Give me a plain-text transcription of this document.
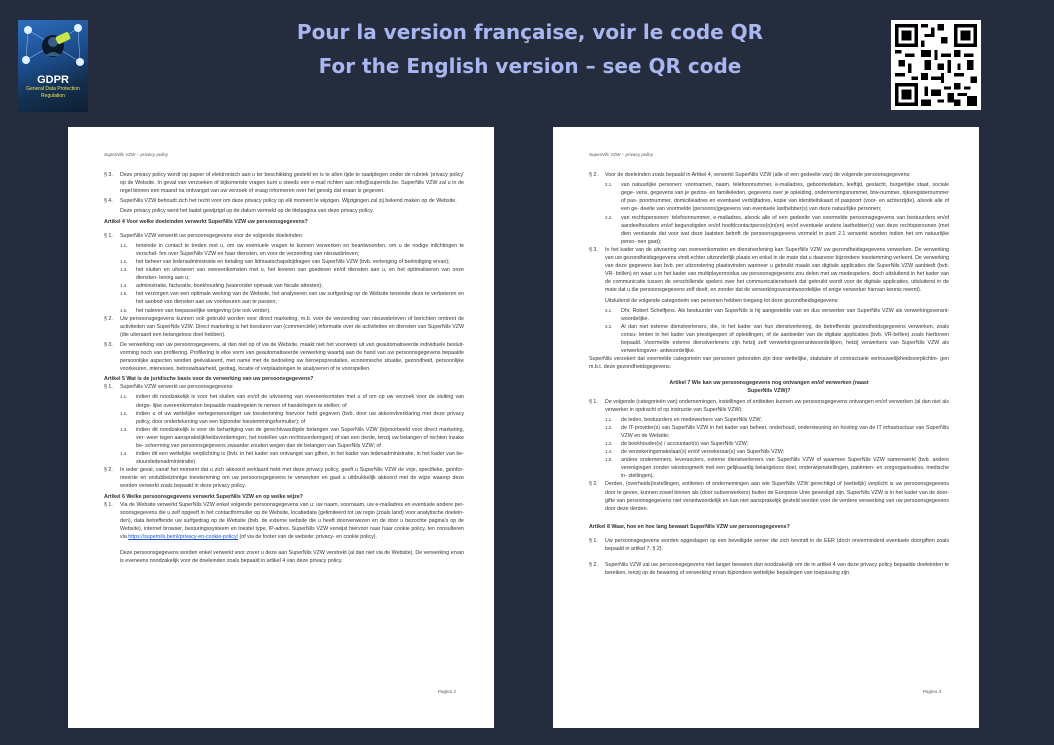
GDPR
General Data Protection
Regulation
Pour la version française, voir le code QR
For the English version – see QR code
SuperNils VZW – privacy policy
§ 3.	Deze privacy policy wordt op papier of elektronisch aan u ter beschikking gesteld en is te allen tijde te raadplegen onder de rubriek 'privacy policy' op de Website. In geval van verzoeken of bijkomende vragen kunt u steeds een e-mail richten aan info@supernils.be. SuperNils VZW zal u in de regel binnen een maand na ontvangst van uw verzoek of vraag informeren over het gevolg dat eraan is gegeven.
§ 4.	SuperNils VZW behoudt zich het recht voor om deze privacy policy op elk moment te wijzigen. Wijzigingen zal zij bekend maken op de Website.
Deze privacy policy werd het laatst gewijzigd op de datum vermeld op de titelpagina van deze privacy policy.
Artikel 4 Voor welke doeleinden verwerkt SuperNils VZW uw persoonsgegevens?
§ 1.	SuperNils VZW verwerkt uw persoonsgegevens voor de volgende doeleinden:
1.1.	teneinde in contact te treden met u, om uw eventuele vragen te kunnen verwerken en beantwoorden, om u de nodige inlichtingen te verschaf- fen over SuperNils VZW en haar diensten, en voor de verzending van nieuwsbrieven;
1.2.	het beheer van ledenadministratie en betaling van lidmaatschapsbijdragen van SuperNils VZW (bvb. verlenging of beëindiging ervan);
1.3.	het sluiten en uitvoeren van overeenkomsten met u, het leveren van goederen en/of diensten aan u, en het optimaliseren van onze diensten- lening aan u;
1.4.	administratie, facturatie, boekhouding (waaronder opmaak van fiscale attesten);
1.5.	het verzorgen van een optimale werking van de Website, het analyseren van uw surfgedrag op de Website teneinde deze te verbeteren en het aanbod van diensten aan uw voorkeuren aan te passen;
1.6.	het naleven van toepasselijke wetgeving (zie ook verder).
§ 2.	Uw persoonsgegevens kunnen ook gebruikt worden voor direct marketing, m.b. voor de verzending van nieuwsbrieven of berichten omtrent de activiteiten van SuperNils VZW. Direct marketing is het toesturen van (commerciële) informatie over de activiteiten en diensten van SuperNils VZW (die uiteraard een belangeloos doel hebben).
§ 3.	De verwerking van uw persoonsgegevens, al dan niet op of via de Website, maakt niet het voorwerp uit van geautomatiseerde individuele besluit- vorming noch van profilering. Profilering is elke vorm van geautomatiseerde verwerking waarbij aan de hand van uw persoonsgegevens bepaalde persoonlijke aspecten worden geëvalueerd, met name met de bedoeling uw beroepsprestaties, economische situatie, gezondheid, persoonlijke voorkeuren, interesses, betrouwbaarheid, gedrag, locatie of verplaatsingen te analyseren of te voorspellen.
Artikel 5 Wat is de juridische basis voor de verwerking van uw persoonsgegevens?
§ 1.	SuperNils VZW verwerkt uw persoonsgegevens:
1.1.	indien dit noodzakelijk is voor het sluiten van en/of de uitvoering van overeenkomsten met u of om op uw verzoek voor de sluiting van derge- lijke overeenkomsten bepaalde maatregelen te nemen of handelingen te stellen; of
1.2.	indien u of uw wettelijke vertegenwoordiger uw toestemming hiervoor hebt gegeven (bvb. door uw akkoordverklaring met deze privacy policy, door ondertekening van een bijzonder toestemmingsformulier); of
1.3.	indien dit noodzakelijk is voor de behartiging van de gerechtvaardigde belangen van SuperNils VZW (bijvoorbeeld voor direct marketing, ver- weer tegen aansprakelijkheidsvorderingen, het instellen van rechtsvorderingen) of van een derde, tenzij uw belangen of rechten inzake be- scherming van persoonsgegevens zwaarder zouden wegen dan de belangen van SuperNils VZW; of
1.4.	indien dit een wettelijke verplichting is (bvb. in het kader van ontvangst van giften, in het kader van ledenadministratie, in het kader van be- stuursledenadministratie).
§ 2.	In ieder geval, vanaf het moment dat u zich akkoord verklaard hebt met deze privacy policy, geeft u SuperNils VZW de vrije, specifieke, geïnfor- meerde en ondubbelzinnige toestemming om uw persoonsgegevens te verwerken en gaat u uitdrukkelijk akkoord met de wijze waarop deze worden verwerkt zoals bepaald in deze privacy policy.
Artikel 6 Welke persoonsgegevens verwerkt SuperNils VZW en op welke wijze?
§ 1.	Via de Website verwerkt SuperNils VZW enkel volgende persoonsgegevens van u: uw naam, voornaam, uw e-mailadres en eventuele andere per- soonsgegevens die u zelf opgeeft in het contactformulier op de Website, locatiedata (gelimiteerd tot uw regio (zoals land) voor analytische doelein- den), data betreffende uw surfgedrag op de Website (bvb. de externe website die u heeft doorverwezen en de door u bezochte pagina's op de Website), internet browser, besturingssysteem en toestel type, IP-adres. SuperNils VZW verwijst hiervoor naar haar cookie policy, ten consulteren via https://supernils.be/nl/privacy-en-cookie-policy/ (of via de footer van de website: privacy- en cookie policy).
Deze persoonsgegevens worden enkel verwerkt voor zover u deze aan SuperNils VZW verstrekt (al dan niet via de Website). De verwerking ervan is eveneens noodzakelijk voor de doeleinden zoals bepaald in artikel 4 van deze privacy policy.
Pagina 2
SuperNils VZW – privacy policy
§ 2.	Voor de doeleinden zoals bepaald in Artikel 4, verwerkt SuperNils VZW (alle of een gedeelte van) de volgende persoonsgegevens:
2.1.	van natuurlijke personen: voornamen, naam, telefoonnummer, e-mailadres, geboortedatum, leeftijd, geslacht, burgerlijke staat, sociale gege- vens, gegevens van je gezins- en familieleden, gegevens over je opleiding, ondernemingsnummer, btw-nummer, rijksregisternummer of pas- poortnummer, domicilieadres en eventueel verblijfadres, kopie van identiteitskaart of paspoort (voor- en achterzijde), alsook alle of een ge- deelte van voormelde (persoons)gegevens van eventuele lasthebber(s) van deze natuurlijke personen;
2.2.	van rechtspersonen: telefoonnummer, e-mailadres, alsook alle of een gedeelte van voormelde persoonsgegevens van bestuurders en/of aandeelhouders en/of begunstigden en/of hoofdcontactperso(o)n(en) en/of eventuele andere lasthebber(s) van deze rechtspersonen (met dien verstande dat voor wat deze laatsten betreft de persoonsgegevens vermeld in punt 2.1 verwerkt worden indien het om natuurlijke perso- nen gaat);
§ 3.	In het kader van de uitvoering van overeenkomsten en dienstverlening kan SuperNils VZW uw gezondheidsgegevens verwerken. De verwerking van uw gezondheidsgegevens vindt echter uitzonderlijk plaats en enkel in de mate dat u daarvoor bijzondere toestemming verleent. De verwerking van deze gegevens kan bvb. per uitzondering plaatsvinden wanneer u gebruikt maakt van digitale applicaties die SuperNils VZW aanbiedt (bvb. VR- brillen) en waar u in het kader van multiplayermodus uw persoonsgegevens zou delen met uw medespelers, doch uitsluitend in het kader van de communicatie tussen de verschillende spelers over het communicatienetwerk dat gebruikt wordt voor de digitale applicaties, uitsluitend in de mate dat u die persoonsgegevens zelf deelt, en zonder dat de verwerkingsverantwoordelijke of enige verwerker hiervan kennis neemt).
Uitsluitend de volgende categorieën van personen hebben toegang tot deze gezondheidsgegevens:
3.1.	Dhr. Robert Schelfjens. Als bestuurder van SuperNils is hij aangestelde van en dus verwerker van SuperNils VZW als verwerkingsverant- woordelijke.
3.2.	Al dan niet externe dienstverleners, die, in het kader van hun dienstverlening, de betreffende gezondheidsgegevens verwerken, zoals consu- lenten in het kader van prestigeopen of opleidingen, of de aanbieder van de digitale applicaties (bvb. VR-brillen) zoals hierboven bepaald. Voormelde externe dienstverleners zijn hetzij zelf verwerkingsverantwoordelijken, hetzij verwerkers van SuperNils VZW als verwerkingsver- antwoordelijke.
SuperNils verzekert dat voormelde categorieën van personen gebonden zijn door wettelijke, statutaire of contractuele vertrouwelijkheidsverplichtin- gen m.b.t. deze gezondheidsgegevens.
Artikel 7 Wie kan uw persoonsgegevens nog ontvangen en/of verwerken (naast
SuperNils VZW)?
§ 1.	De volgende (categorieën van) ondernemingen, instellingen of entiteiten kunnen uw persoonsgegevens ontvangen en/of verwerken (al dan niet als verwerker in opdracht of op instructie van SuperNils VZW):
1.1.	de leden, bestuurders en medewerkers van SuperNils VZW;
1.2.	de IT-provider(s) van SuperNils VZW in het kader van beheer, onderhoud, ondersteuning en hosting van de IT infrastructuur van SuperNils VZW en de Website;
1.3.	de boekhouder(s) / accountant(s) van SuperNils VZW;
1.4.	de verzekeringsmakelaar(s) en/of verzekeraar(s) van SuperNils VZW;
1.5.	andere ondernemers, leveranciers, externe dienstverleners van SuperNils VZW of waarmee SuperNils VZW samenwerkt (bvb. andere verenigingen zonder winstoogmerk met een gelijkaardig belangeloos doel, onderwijsinstellingen, patiënten- en zorgorganisaties, medische in- stellingen).
§ 2.	Derden, (overheids)instellingen, entiteiten of ondernemingen aan wie SuperNils VZW gerechtigd of (wettelijk) verplicht is uw persoonsgegevens door te geven, kunnen zowel binnen als (door subverwerkers) buiten de Europese Unie gevestigd zijn. SuperNils VZW is in het kader van de door- gifte van persoonsgegevens niet verantwoordelijk en kan niet aansprakelijk gesteld worden voor de verdere verwerking van uw persoonsgegevens door deze derden.
Artikel 8 Waar, hoe en hoe lang bewaart SuperNils VZW uw persoonsgegevens?
§ 1.	Uw persoonsgegevens worden opgeslagen op een beveiligde server die zich bevindt in de EER (doch onverminderd eventuele doorgiften zoals bepaald in artikel 7, § 2).
§ 2.	SuperNils VZW zal uw persoonsgegevens niet langer bewaren dan noodzakelijk om de in artikel 4 van deze privacy policy bepaalde doeleinden te bereiken, tenzij op de bewaring of verwerking ervan bijzondere wettelijke bepalingen van toepassing zijn.
Pagina 3
